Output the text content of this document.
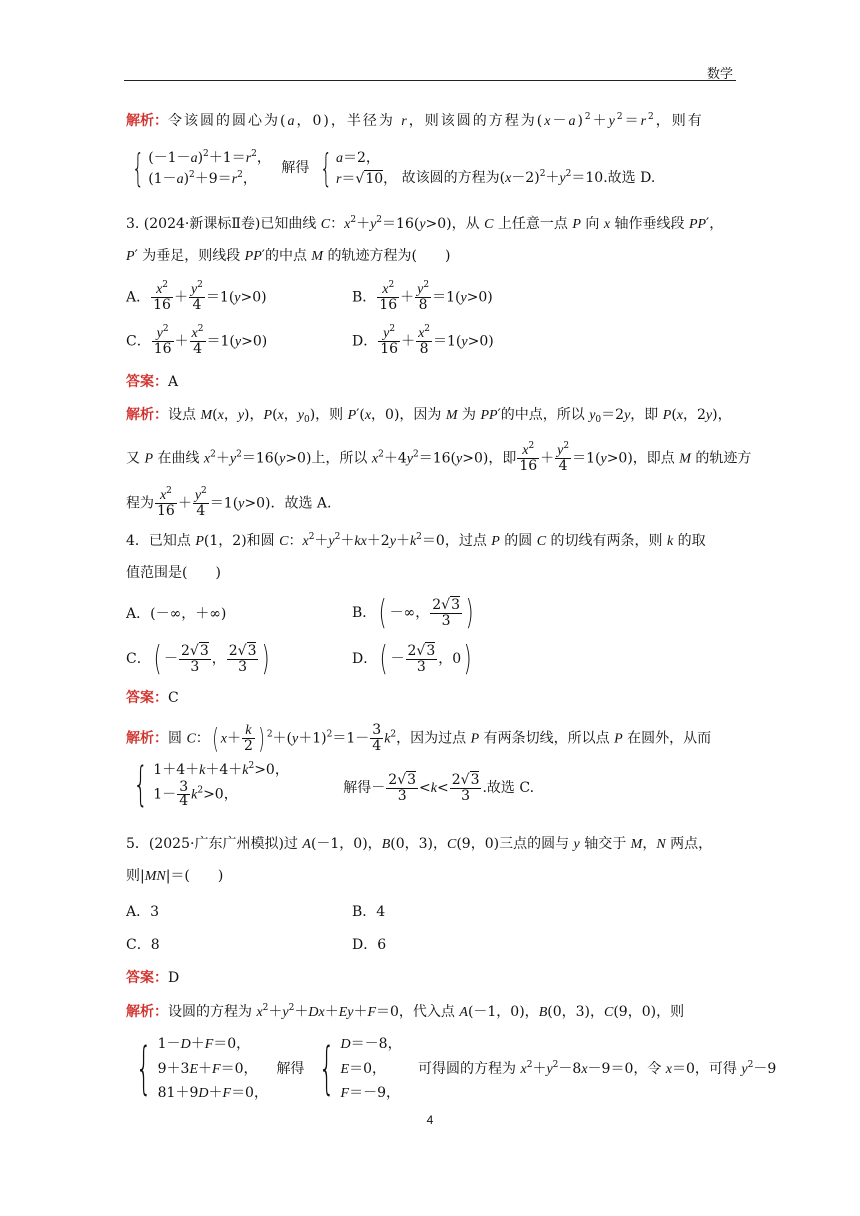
数学
解析：令该圆的圆心为(a，0)，半径为 r，则该圆的方程为$(x-a)^2+y^2=r^2$，则有
{ $(-1-a)^2+1=r^2$，
$(1-a)^2+9=r^2$，
解得 { a＝2，
r＝√10， 故该圆的方程为$(x-2)^2+y^2=10$.故选 D.
3. (2024·新课标Ⅱ卷)已知曲线 C：$x^2+y^2=16(y>0)$，从 C 上任意一点 P 向 x 轴作垂线段 PP′，
P′ 为垂足，则线段 PP′的中点 M 的轨迹方程为(　　)
A． $\frac{x^2}{16} + \frac{y^2}{4} =1(y>0)$	B． $\frac{x^2}{16} + \frac{y^2}{8} =1(y>0)$
C． $\frac{y^2}{16} + \frac{x^2}{4} =1(y>0)$	D． $\frac{y^2}{16} + \frac{x^2}{8} =1(y>0)$
答案：A
解析：设点 M(x，y)，P(x，$y_0$)，则 P′(x，0)，因为 M 为 PP′的中点，所以 $y_0=2y$，即 P(x，2y)，
又 P 在曲线 $x^2+y^2=16(y>0)$上，所以 $x^2+4y^2=16(y>0)$，即 $\frac{x^2}{16} + \frac{y^2}{4} =1(y>0)$，即点 M 的轨迹方
程为 $\frac{x^2}{16} + \frac{y^2}{4} =1(y>0)$．故选 A.
4．已知点 P(1，2)和圆 C：$x^2+y^2+kx+2y+k^2=0$，过点 P 的圆 C 的切线有两条，则 k 的取
值范围是(　　)
A．(－∞，＋∞)	B．( －∞， $\frac{2√3}{3}$ )
C．( － $\frac{2√3}{3}$ ， $\frac{2√3}{3}$ )	D．( － $\frac{2√3}{3}$ ，0)
答案：C
解析：圆 C：( $x+ \frac{k}{2}$ ) $^2+(y+1)^2=1- \frac{3}{4} k^2$，因为过点 P 有两条切线，所以点 P 在圆外，从而
{ $1+4+k+4+k^2>0$，
$1- \frac{3}{4} k^2>0$，	解得－ $\frac{2√3}{3} <k< \frac{2√3}{3}$ .故选 C.
5．(2025·广东广州模拟)过 A(－1，0)，B(0，3)，C(9，0)三点的圆与 y 轴交于 M，N 两点，
则|MN|＝(　　)
A．3	B．4
C．8	D．6
答案：D
解析：设圆的方程为 $x^2+y^2+Dx+Ey+F=0$，代入点 A(－1，0)，B(0，3)，C(9，0)，则
{ 1－D＋F＝0，
9＋3E＋F＝0，
81＋9D＋F＝0，
解得 { D＝－8，
E＝0，
F＝－9，
可得圆的方程为 $x^2+y^2-8x-9=0$，令 x＝0，可得 $y^2-9$
4
